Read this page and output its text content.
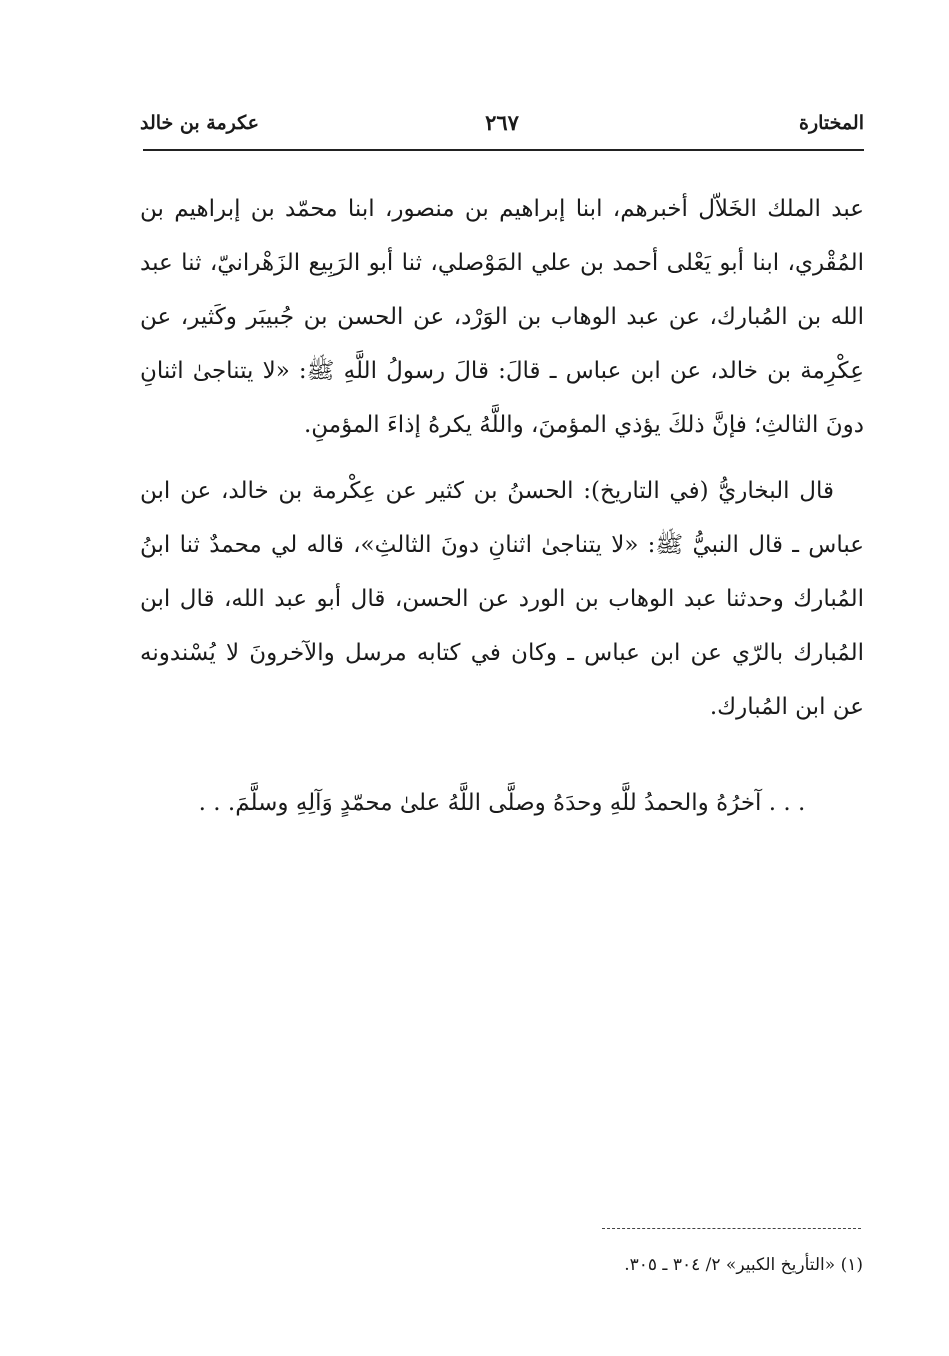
المختارة
٢٦٧
عكرمة بن خالد

عبد الملك الخَلاّل أخبرهم، ابنا إبراهيم بن منصور، ابنا محمّد بن إبراهيم بن المُقْري، ابنا أبو يَعْلى أحمد بن علي المَوْصلي، ثنا أبو الرَبِيع الزَهْرانيّ، ثنا عبد الله بن المُبارك، عن عبد الوهاب بن الوَرْد، عن الحسن بن جُبيبَر وكَثير، عن عِكْرِمة بن خالد، عن ابن عباس ـ قالَ: قالَ رسولُ اللَّهِ ﷺ: «لا يتناجىٰ اثنانِ دونَ الثالثِ؛ فإنَّ ذلكَ يؤذي المؤمنَ، واللَّهُ يكرهُ إذاءَ المؤمنِ.

قال البخاريُّ (في التاريخ): الحسنُ بن كثير عن عِكْرمة بن خالد، عن ابن عباس ـ قال النبيُّ ﷺ: «لا يتناجىٰ اثنانِ دونَ الثالثِ»، قاله لي محمدٌ ثنا ابنُ المُبارك وحدثنا عبد الوهاب بن الورد عن الحسن، قال أبو عبد الله، قال ابن المُبارك بالرّي عن ابن عباس ـ وكان في كتابه مرسل والآخرونَ لا يُسْندونه عن ابن المُبارك.

. . . آخرُهُ والحمدُ للَّهِ وحدَهُ وصلَّى اللَّهُ علىٰ محمّدٍ وَآلِهِ وسلَّمَ. . .
(١) «التأريخ الكبير» ٢/ ٣٠٤ ـ ٣٠٥.
